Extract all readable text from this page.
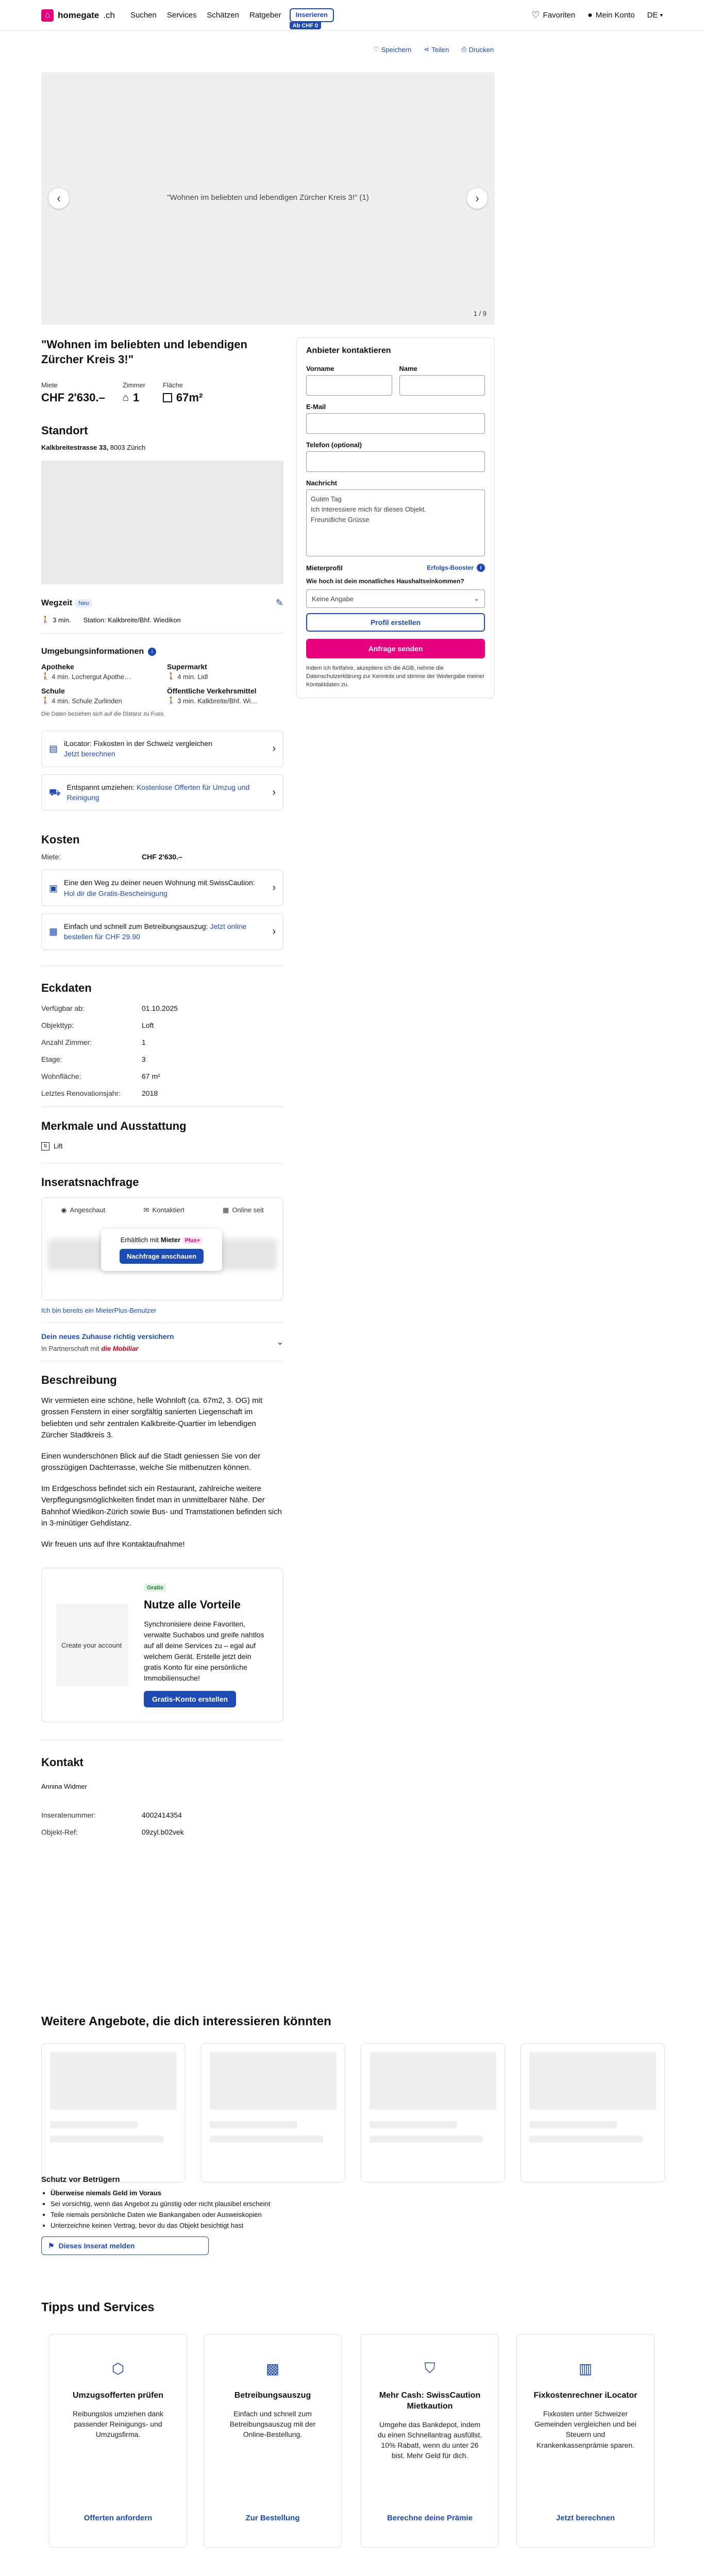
⌂ homegate .ch Suchen Services Schätzen Ratgeber	Inserieren
Ab CHF 0
♡ Favoriten ● Mein Konto DE ▾
♡ Speichern ⋖ Teilen ⎙ Drucken
"Wohnen im beliebten und lebendigen Zürcher Kreis 3!" (1)
‹	›
1 / 9
Anbieter kontaktieren
Vorname	Name
E-Mail
Telefon (optional)
Nachricht
Guten Tag
Ich interessiere mich für dieses Objekt.
Freundliche Grüsse
Mieterprofil	Erfolgs-Booster	i
Wie hoch ist dein monatliches Haushaltseinkommen?
Keine Angabe	⌄
Profil erstellen
Anfrage senden
Indem ich fortfahre, akzeptiere ich die AGB, nehme die Datenschutzerklärung zur Kenntnis und stimme der Weitergabe meiner Kontaktdaten zu.
"Wohnen im beliebten und lebendigen Zürcher Kreis 3!"
Miete
CHF 2'630.–
Zimmer
⌂ 1
Fläche
67m²
Standort
Kalkbreitestrasse 33, 8003 Zürich
Wegzeit	Neu	✎
🚶 3 min. Station: Kalkbreite/Bhf. Wiedikon
Umgebungsinformationen	i
Apotheke
🚶 4 min. Lochergut Apothe…
Supermarkt
🚶 4 min. Lidl
Schule
🚶 4 min. Schule Zurlinden
Öffentliche Verkehrsmittel
🚶 3 min. Kalkbreite/Bhf. Wi…
Die Daten beziehen sich auf die Distanz zu Fuss.
▤
iLocator: Fixkosten in der Schweiz vergleichen
Jetzt berechnen	›
⛟
Entspannt umziehen: Kostenlose Offerten für Umzug und Reinigung	›
Kosten
Miete:	CHF 2'630.–
▣
Eine den Weg zu deiner neuen Wohnung mit SwissCaution: Hol dir die Gratis-Bescheinigung	›
▦
Einfach und schnell zum Betreibungsauszug: Jetzt online bestellen für CHF 29.90	›
Eckdaten
Verfügbar ab:	01.10.2025
Objekttyp:	Loft
Anzahl Zimmer:	1
Etage:	3
Wohnfläche:	67 m²
Letztes Renovationsjahr:	2018
Merkmale und Ausstattung
⇅ Lift
Inseratsnachfrage
◉ Angeschaut	✉ Kontaktiert	▦ Online seit
Erhältlich mit Mieter Plus+
Nachfrage anschauen
Ich bin bereits ein MieterPlus-Benutzer
Dein neues Zuhause richtig versichern
In Partnerschaft mit die Mobiliar
⌄
Beschreibung

Wir vermieten eine schöne, helle Wohnloft (ca. 67m2, 3. OG) mit grossen Fenstern in einer sorgfältig sanierten Liegenschaft im beliebten und sehr zentralen Kalkbreite-Quartier im lebendigen Zürcher Stadtkreis 3.

Einen wunderschönen Blick auf die Stadt geniessen Sie von der grosszügigen Dachterrasse, welche Sie mitbenutzen können.

Im Erdgeschoss befindet sich ein Restaurant, zahlreiche weitere Verpflegungsmöglichkeiten findet man in unmittelbarer Nähe. Der Bahnhof Wiedikon-Zürich sowie Bus- und Tramstationen befinden sich in 3-minütiger Gehdistanz.

Wir freuen uns auf Ihre Kontaktaufnahme!

Create your account
Gratis
Nutze alle Vorteile
Synchronisiere deine Favoriten, verwalte Suchabos und greife nahtlos auf all deine Services zu – egal auf welchem Gerät. Erstelle jetzt dein gratis Konto für eine persönliche Immobiliensuche!
Gratis-Konto erstellen
Kontakt
Annina Widmer
Inseratenummer:	4002414354
Objekt-Ref:	09zyl.b02vek
Weitere Angebote, die dich interessieren könnten
Schutz vor Betrügern
• Überweise niemals Geld im Voraus
• Sei vorsichtig, wenn das Angebot zu günstig oder nicht plausibel erscheint
• Teile niemals persönliche Daten wie Bankangaben oder Ausweiskopien
• Unterzeichne keinen Vertrag, bevor du das Objekt besichtigt hast
⚑ Dieses Inserat melden
Tipps und Services
⬡
Umzugsofferten prüfen
Reibungslos umziehen dank passender Reinigungs- und Umzugsfirma.
Offerten anfordern
▩
Betreibungsauszug
Einfach und schnell zum Betreibungsauszug mit der Online-Bestellung.
Zur Bestellung
⛉
Mehr Cash: SwissCaution Mietkaution
Umgehe das Bankdepot, indem du einen Schnellantrag ausfüllst. 10% Rabatt, wenn du unter 26 bist. Mehr Geld für dich.
Berechne deine Prämie
▥
Fixkostenrechner iLocator
Fixkosten unter Schweizer Gemeinden vergleichen und bei Steuern und Krankenkassenprämie sparen.
Jetzt berechnen
